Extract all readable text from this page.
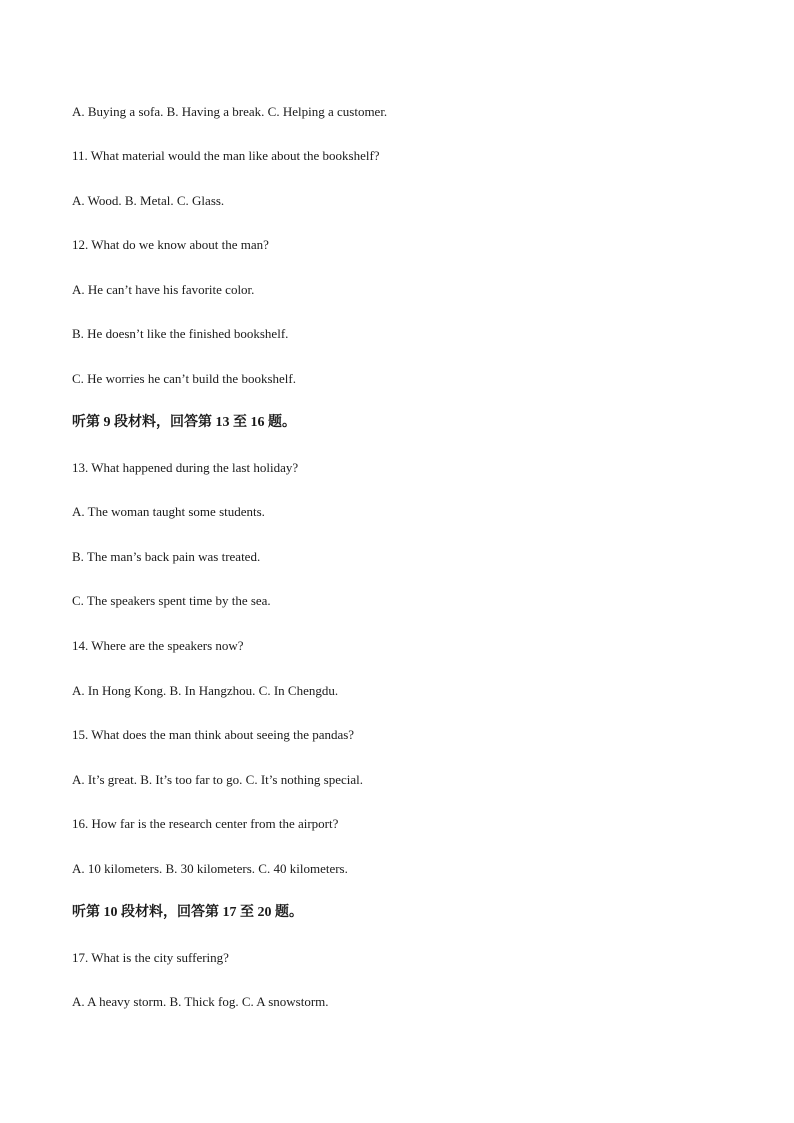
A. Buying a sofa. B. Having a break. C. Helping a customer.
11. What material would the man like about the bookshelf?
A. Wood. B. Metal. C. Glass.
12. What do we know about the man?
A. He can’t have his favorite color.
B. He doesn’t like the finished bookshelf.
C. He worries he can’t build the bookshelf.
听第 9 段材料，回答第 13 至 16 题。
13. What happened during the last holiday?
A. The woman taught some students.
B. The man’s back pain was treated.
C. The speakers spent time by the sea.
14. Where are the speakers now?
A. In Hong Kong. B. In Hangzhou. C. In Chengdu.
15. What does the man think about seeing the pandas?
A. It’s great. B. It’s too far to go. C. It’s nothing special.
16. How far is the research center from the airport?
A. 10 kilometers. B. 30 kilometers. C. 40 kilometers.
听第 10 段材料，回答第 17 至 20 题。
17. What is the city suffering?
A. A heavy storm. B. Thick fog. C. A snowstorm.
